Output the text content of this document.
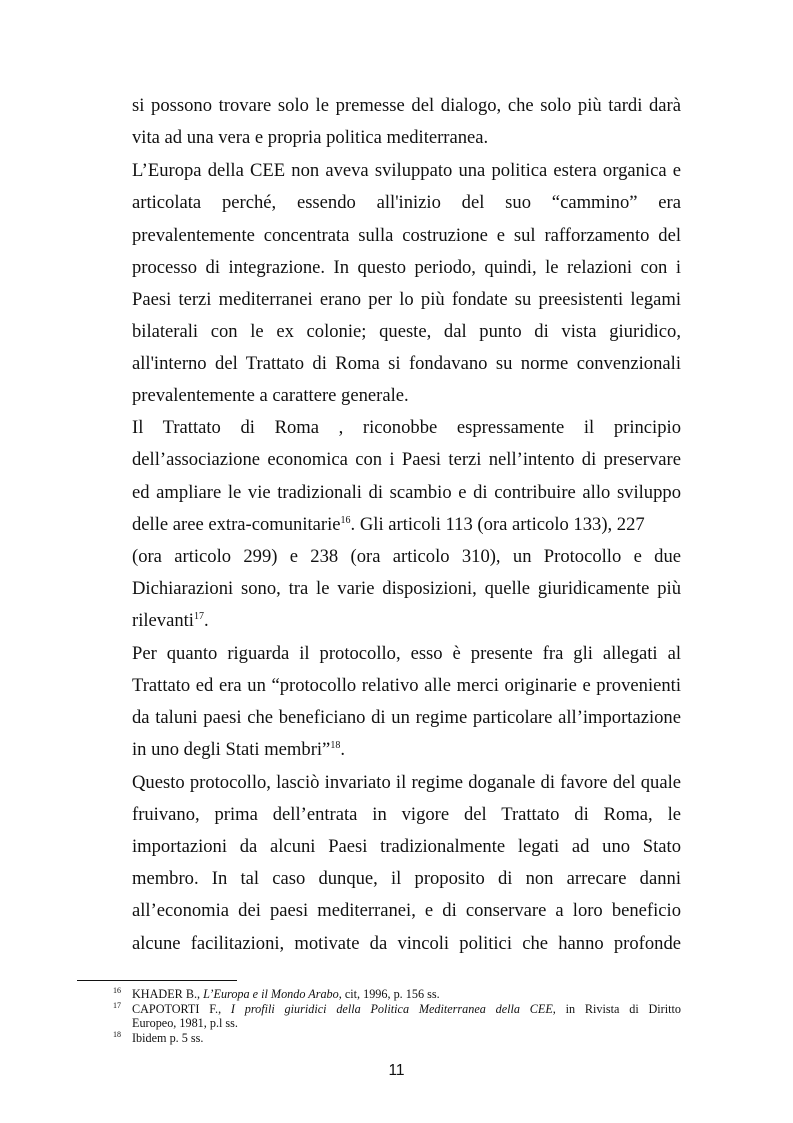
si possono trovare solo le premesse del dialogo, che solo più tardi darà
vita ad una vera e propria politica mediterranea.
L’Europa della CEE non aveva sviluppato una politica estera organica e
articolata perché, essendo all'inizio del suo “cammino” era
prevalentemente concentrata sulla costruzione e sul rafforzamento del
processo di integrazione. In questo periodo, quindi, le relazioni con i
Paesi terzi mediterranei erano per lo più fondate su preesistenti legami
bilaterali con le ex colonie; queste, dal punto di vista giuridico,
all'interno del Trattato di Roma si fondavano su norme convenzionali
prevalentemente a carattere generale.
Il Trattato di Roma , riconobbe espressamente il principio
dell’associazione economica con i Paesi terzi nell’intento di preservare
ed ampliare le vie tradizionali di scambio e di contribuire allo sviluppo
delle aree extra-comunitarie$^{16}$. Gli articoli 113 (ora articolo 133), 227
(ora articolo 299) e 238 (ora articolo 310), un Protocollo e due
Dichiarazioni sono, tra le varie disposizioni, quelle giuridicamente più
rilevanti$^{17}$.
Per quanto riguarda il protocollo, esso è presente fra gli allegati al
Trattato ed era un “protocollo relativo alle merci originarie e provenienti
da taluni paesi che beneficiano di un regime particolare all’importazione
in uno degli Stati membri”$^{18}$.
Questo protocollo, lasciò invariato il regime doganale di favore del quale
fruivano, prima dell’entrata in vigore del Trattato di Roma, le
importazioni da alcuni Paesi tradizionalmente legati ad uno Stato
membro. In tal caso dunque, il proposito di non arrecare danni
all’economia dei paesi mediterranei, e di conservare a loro beneficio
alcune facilitazioni, motivate da vincoli politici che hanno profonde
16 KHADER B., L’Europa e il Mondo Arabo, cit, 1996, p. 156 ss.
17 CAPOTORTI F., I profili giuridici della Politica Mediterranea della CEE, in Rivista di Diritto
Europeo, 1981, p.l ss.
18 Ibidem p. 5 ss.
11
